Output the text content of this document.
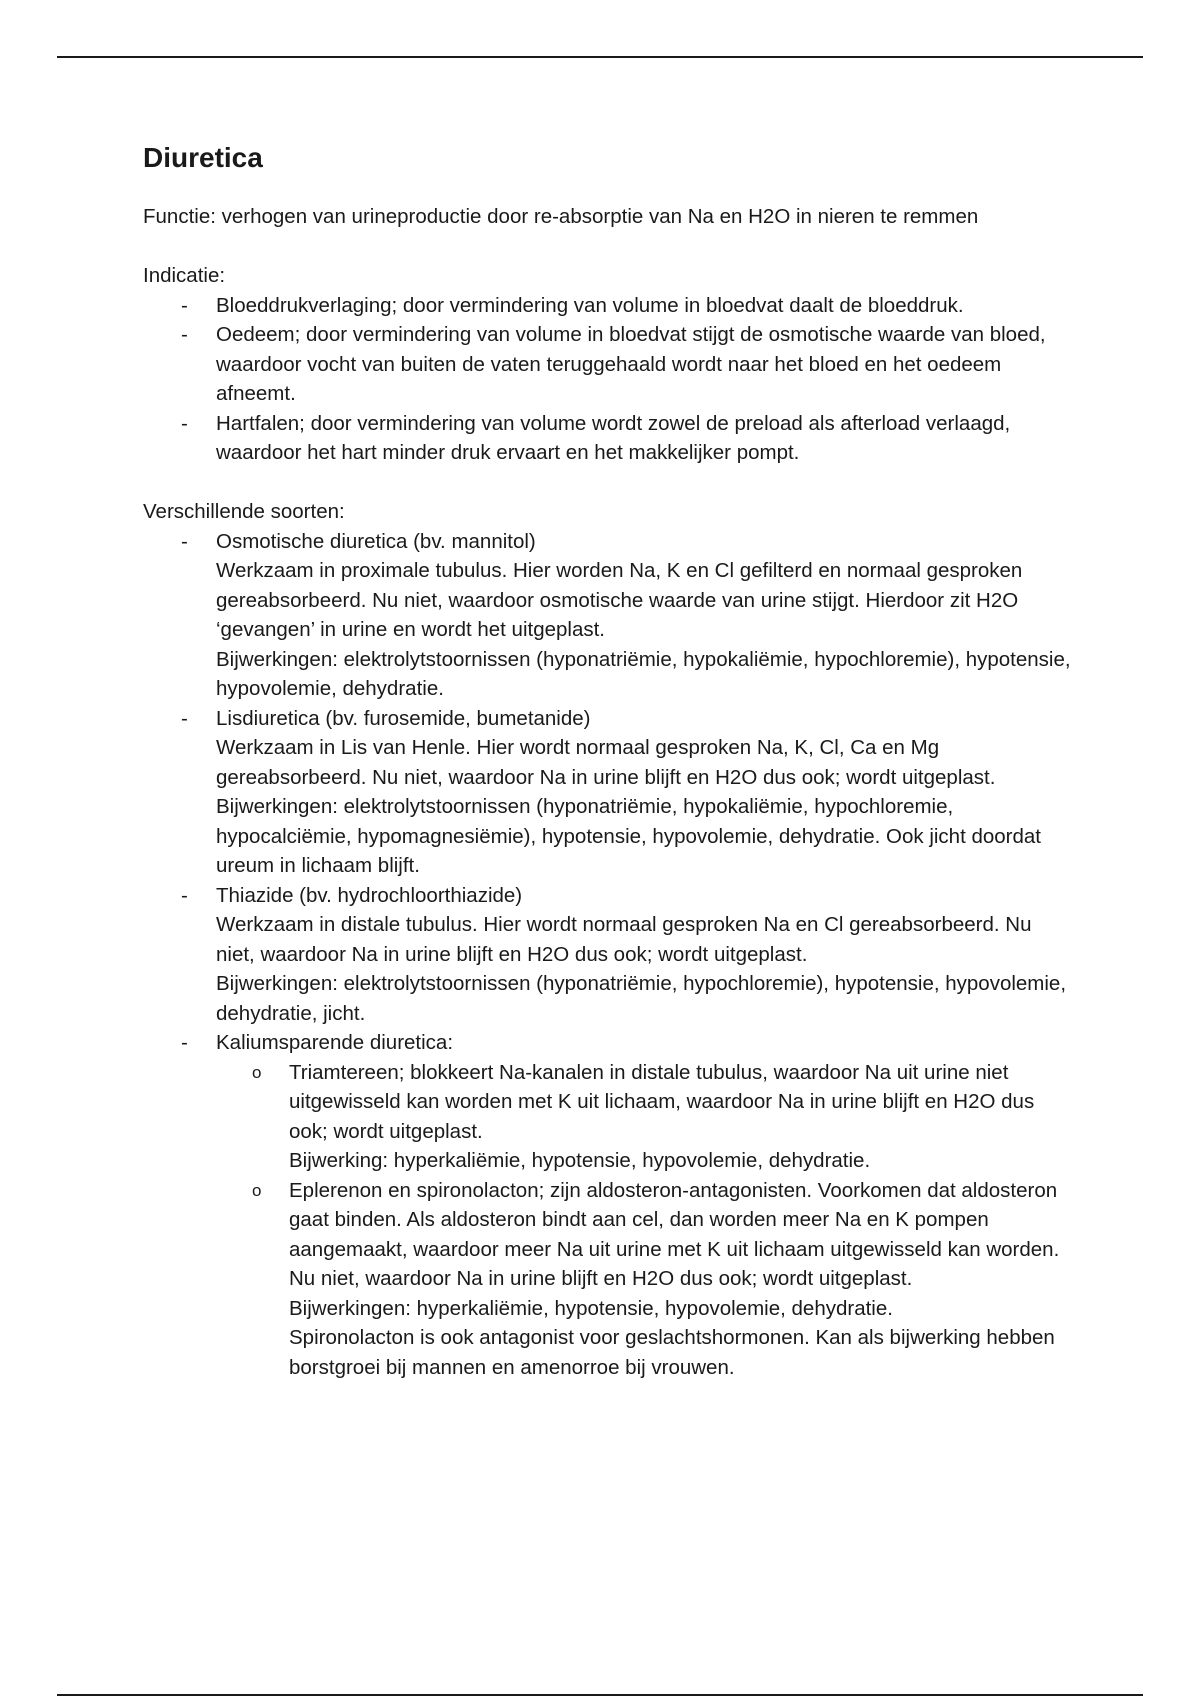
Diuretica

Functie: verhogen van urineproductie door re-absorptie van Na en H2O in nieren te remmen

Indicatie:

- Bloeddrukverlaging; door vermindering van volume in bloedvat daalt de bloeddruk.
- Oedeem; door vermindering van volume in bloedvat stijgt de osmotische waarde van bloed, waardoor vocht van buiten de vaten teruggehaald wordt naar het bloed en het oedeem afneemt.
- Hartfalen; door vermindering van volume wordt zowel de preload als afterload verlaagd, waardoor het hart minder druk ervaart en het makkelijker pompt.

Verschillende soorten:

- Osmotische diuretica (bv. mannitol)

Werkzaam in proximale tubulus. Hier worden Na, K en Cl gefilterd en normaal gesproken gereabsorbeerd. Nu niet, waardoor osmotische waarde van urine stijgt. Hierdoor zit H2O ‘gevangen’ in urine en wordt het uitgeplast.

Bijwerkingen: elektrolytstoornissen (hyponatriëmie, hypokaliëmie, hypochloremie), hypotensie, hypovolemie, dehydratie.

- Lisdiuretica (bv. furosemide, bumetanide)

Werkzaam in Lis van Henle. Hier wordt normaal gesproken Na, K, Cl, Ca en Mg gereabsorbeerd. Nu niet, waardoor Na in urine blijft en H2O dus ook; wordt uitgeplast.

Bijwerkingen: elektrolytstoornissen (hyponatriëmie, hypokaliëmie, hypochloremie, hypocalciëmie, hypomagnesiëmie), hypotensie, hypovolemie, dehydratie. Ook jicht doordat ureum in lichaam blijft.

- Thiazide (bv. hydrochloorthiazide)

Werkzaam in distale tubulus. Hier wordt normaal gesproken Na en Cl gereabsorbeerd. Nu niet, waardoor Na in urine blijft en H2O dus ook; wordt uitgeplast.

Bijwerkingen: elektrolytstoornissen (hyponatriëmie, hypochloremie), hypotensie, hypovolemie, dehydratie, jicht.

- Kaliumsparende diuretica:

o Triamtereen; blokkeert Na-kanalen in distale tubulus, waardoor Na uit urine niet uitgewisseld kan worden met K uit lichaam, waardoor Na in urine blijft en H2O dus ook; wordt uitgeplast.

Bijwerking: hyperkaliëmie, hypotensie, hypovolemie, dehydratie.

o Eplerenon en spironolacton; zijn aldosteron-antagonisten. Voorkomen dat aldosteron gaat binden. Als aldosteron bindt aan cel, dan worden meer Na en K pompen aangemaakt, waardoor meer Na uit urine met K uit lichaam uitgewisseld kan worden. Nu niet, waardoor Na in urine blijft en H2O dus ook; wordt uitgeplast.

Bijwerkingen: hyperkaliëmie, hypotensie, hypovolemie, dehydratie.

Spironolacton is ook antagonist voor geslachtshormonen. Kan als bijwerking hebben borstgroei bij mannen en amenorroe bij vrouwen.
